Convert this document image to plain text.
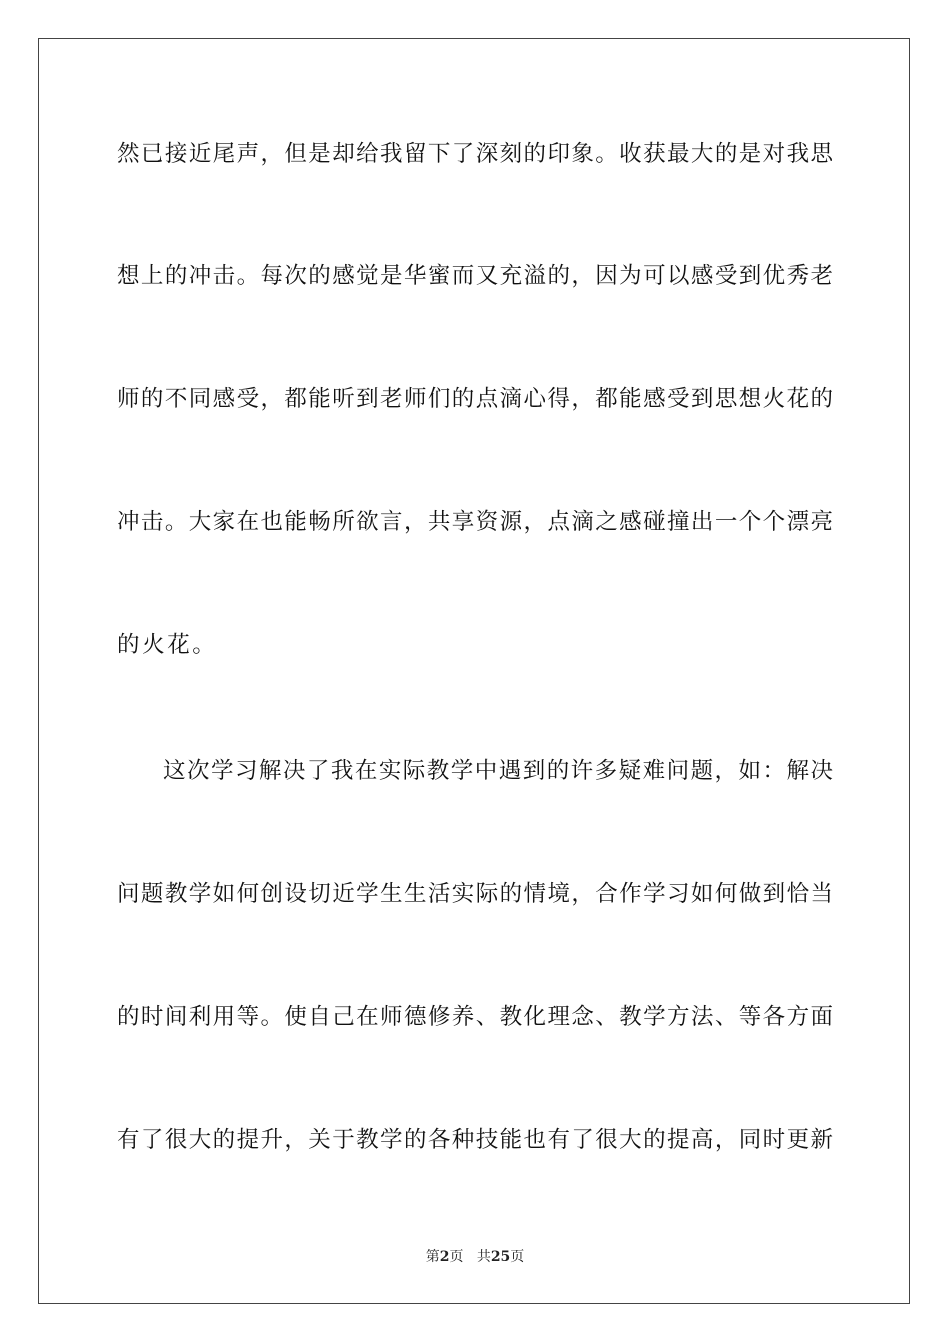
然已接近尾声，但是却给我留下了深刻的印象。收获最大的是对我思
想上的冲击。每次的感觉是华蜜而又充溢的，因为可以感受到优秀老
师的不同感受，都能听到老师们的点滴心得，都能感受到思想火花的
冲击。大家在也能畅所欲言，共享资源，点滴之感碰撞出一个个漂亮
的火花。
这次学习解决了我在实际教学中遇到的许多疑难问题，如：解决
问题教学如何创设切近学生生活实际的情境，合作学习如何做到恰当
的时间利用等。使自己在师德修养、教化理念、教学方法、等各方面
有了很大的提升，关于教学的各种技能也有了很大的提高，同时更新
第2页 共25页
